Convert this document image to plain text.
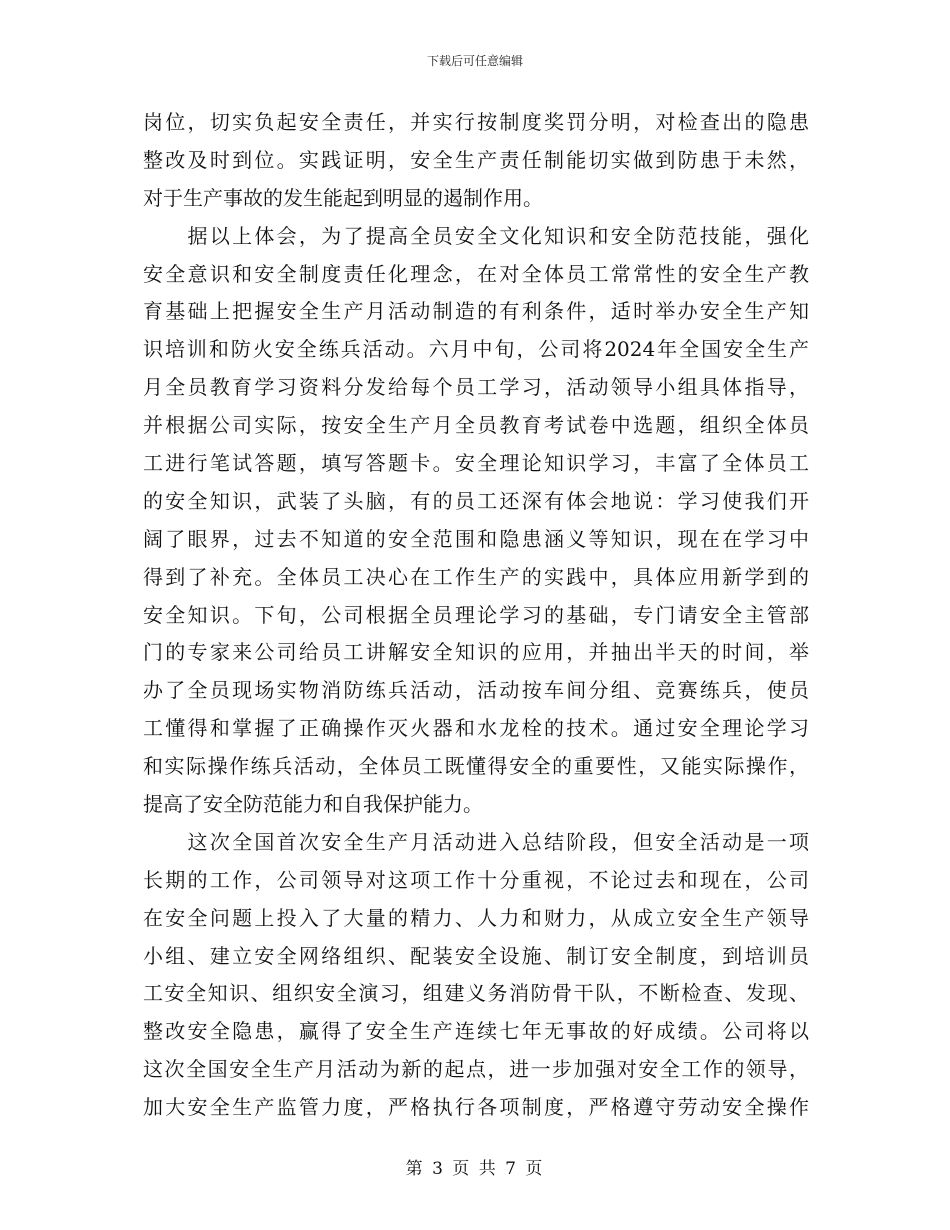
下载后可任意编辑
岗位，切实负起安全责任，并实行按制度奖罚分明，对检查出的隐患
整改及时到位。实践证明，安全生产责任制能切实做到防患于未然，
对于生产事故的发生能起到明显的遏制作用。
　　据以上体会，为了提高全员安全文化知识和安全防范技能，强化
安全意识和安全制度责任化理念，在对全体员工常常性的安全生产教
育基础上把握安全生产月活动制造的有利条件，适时举办安全生产知
识培训和防火安全练兵活动。六月中旬，公司将2024年全国安全生产
月全员教育学习资料分发给每个员工学习，活动领导小组具体指导，
并根据公司实际，按安全生产月全员教育考试卷中选题，组织全体员
工进行笔试答题，填写答题卡。安全理论知识学习，丰富了全体员工
的安全知识，武装了头脑，有的员工还深有体会地说：学习使我们开
阔了眼界，过去不知道的安全范围和隐患涵义等知识，现在在学习中
得到了补充。全体员工决心在工作生产的实践中，具体应用新学到的
安全知识。下旬，公司根据全员理论学习的基础，专门请安全主管部
门的专家来公司给员工讲解安全知识的应用，并抽出半天的时间，举
办了全员现场实物消防练兵活动，活动按车间分组、竞赛练兵，使员
工懂得和掌握了正确操作灭火器和水龙栓的技术。通过安全理论学习
和实际操作练兵活动，全体员工既懂得安全的重要性，又能实际操作，
提高了安全防范能力和自我保护能力。
　　这次全国首次安全生产月活动进入总结阶段，但安全活动是一项
长期的工作，公司领导对这项工作十分重视，不论过去和现在，公司
在安全问题上投入了大量的精力、人力和财力，从成立安全生产领导
小组、建立安全网络组织、配装安全设施、制订安全制度，到培训员
工安全知识、组织安全演习，组建义务消防骨干队，不断检查、发现、
整改安全隐患，赢得了安全生产连续七年无事故的好成绩。公司将以
这次全国安全生产月活动为新的起点，进一步加强对安全工作的领导，
加大安全生产监管力度，严格执行各项制度，严格遵守劳动安全操作
第 3 页 共 7 页
